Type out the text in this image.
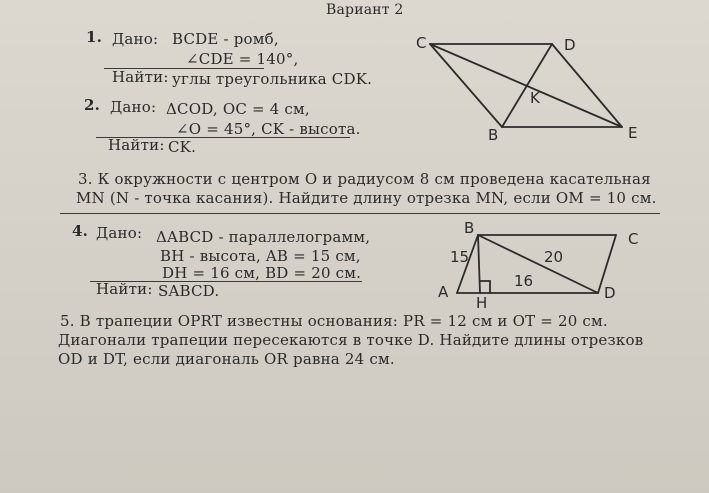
Вариант 2
1. Дано: BCDE - ромб,
∠CDE = 140°,
Найти: углы треугольника CDK.
2. Дано: ΔCOD, OC = 4 см,
∠O = 45°, CK - высота.
Найти: CK.
3. К окружности с центром O и радиусом 8 см проведена касательная
MN (N - точка касания). Найдите длину отрезка MN, если OM = 10 см.
4. Дано: ΔABCD - параллелограмм,
BH - высота, AB = 15 см,
DH = 16 см, BD = 20 см.
Найти: SABCD.
5. В трапеции OPRT известны основания: PR = 12 см и OT = 20 см.
Диагонали трапеции пересекаются в точке D. Найдите длины отрезков
OD и DT, если диагональ OR равна 24 см.
C	D
K
B	E
B
C
A
H
D
15	20
16
